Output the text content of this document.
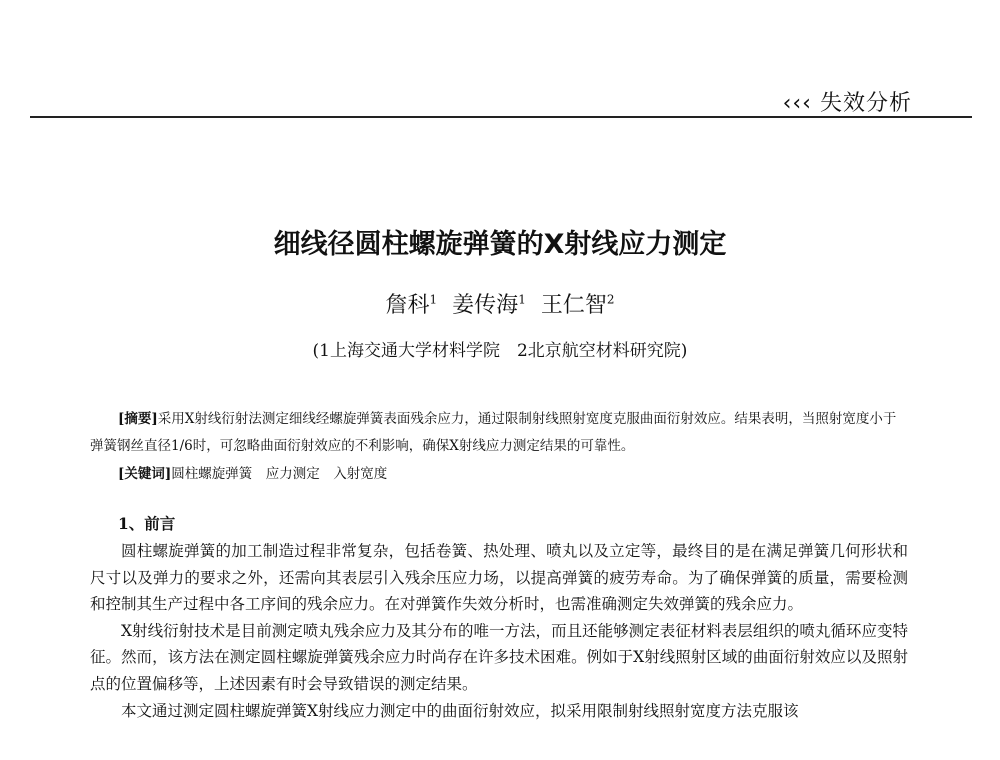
‹‹‹ 失效分析
细线径圆柱螺旋弹簧的X射线应力测定
詹科$^1$ 姜传海$^1$ 王仁智$^2$
(1上海交通大学材料学院　2北京航空材料研究院)
[摘要]采用X射线衍射法测定细线经螺旋弹簧表面残余应力，通过限制射线照射宽度克服曲面衍射效应。结果表明，当照射宽度小于弹簧钢丝直径1/6时，可忽略曲面衍射效应的不利影响，确保X射线应力测定结果的可靠性。
[关键词]圆柱螺旋弹簧　应力测定　入射宽度
1、前言

圆柱螺旋弹簧的加工制造过程非常复杂，包括卷簧、热处理、喷丸以及立定等，最终目的是在满足弹簧几何形状和尺寸以及弹力的要求之外，还需向其表层引入残余压应力场，以提高弹簧的疲劳寿命。为了确保弹簧的质量，需要检测和控制其生产过程中各工序间的残余应力。在对弹簧作失效分析时，也需准确测定失效弹簧的残余应力。

X射线衍射技术是目前测定喷丸残余应力及其分布的唯一方法，而且还能够测定表征材料表层组织的喷丸循环应变特征。然而，该方法在测定圆柱螺旋弹簧残余应力时尚存在许多技术困难。例如于X射线照射区域的曲面衍射效应以及照射点的位置偏移等，上述因素有时会导致错误的测定结果。

本文通过测定圆柱螺旋弹簧X射线应力测定中的曲面衍射效应，拟采用限制射线照射宽度方法克服该
